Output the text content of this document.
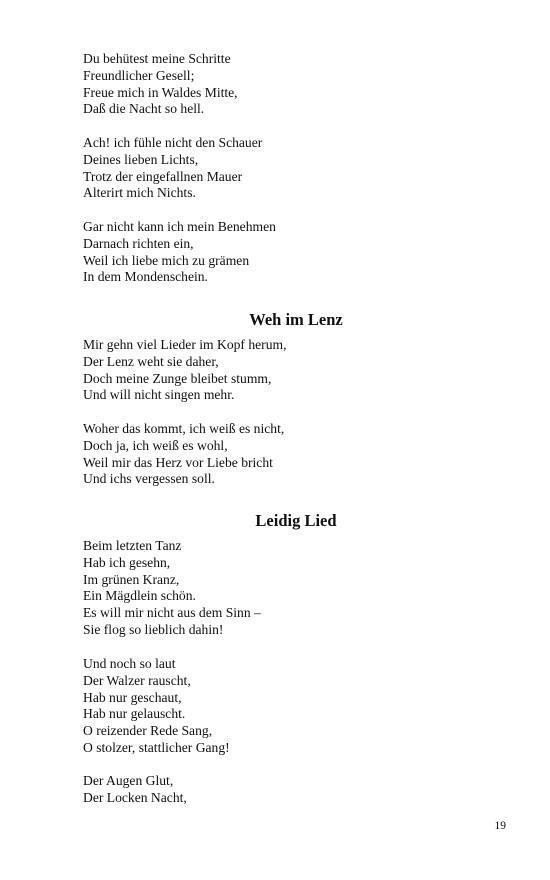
Du behütest meine Schritte
Freundlicher Gesell;
Freue mich in Waldes Mitte,
Daß die Nacht so hell.
Ach! ich fühle nicht den Schauer
Deines lieben Lichts,
Trotz der eingefallnen Mauer
Alterirt mich Nichts.
Gar nicht kann ich mein Benehmen
Darnach richten ein,
Weil ich liebe mich zu grämen
In dem Mondenschein.
Weh im Lenz
Mir gehn viel Lieder im Kopf herum,
Der Lenz weht sie daher,
Doch meine Zunge bleibet stumm,
Und will nicht singen mehr.
Woher das kommt, ich weiß es nicht,
Doch ja, ich weiß es wohl,
Weil mir das Herz vor Liebe bricht
Und ichs vergessen soll.
Leidig Lied
Beim letzten Tanz
Hab ich gesehn,
Im grünen Kranz,
Ein Mägdlein schön.
Es will mir nicht aus dem Sinn –
Sie flog so lieblich dahin!
Und noch so laut
Der Walzer rauscht,
Hab nur geschaut,
Hab nur gelauscht.
O reizender Rede Sang,
O stolzer, stattlicher Gang!
Der Augen Glut,
Der Locken Nacht,
19
